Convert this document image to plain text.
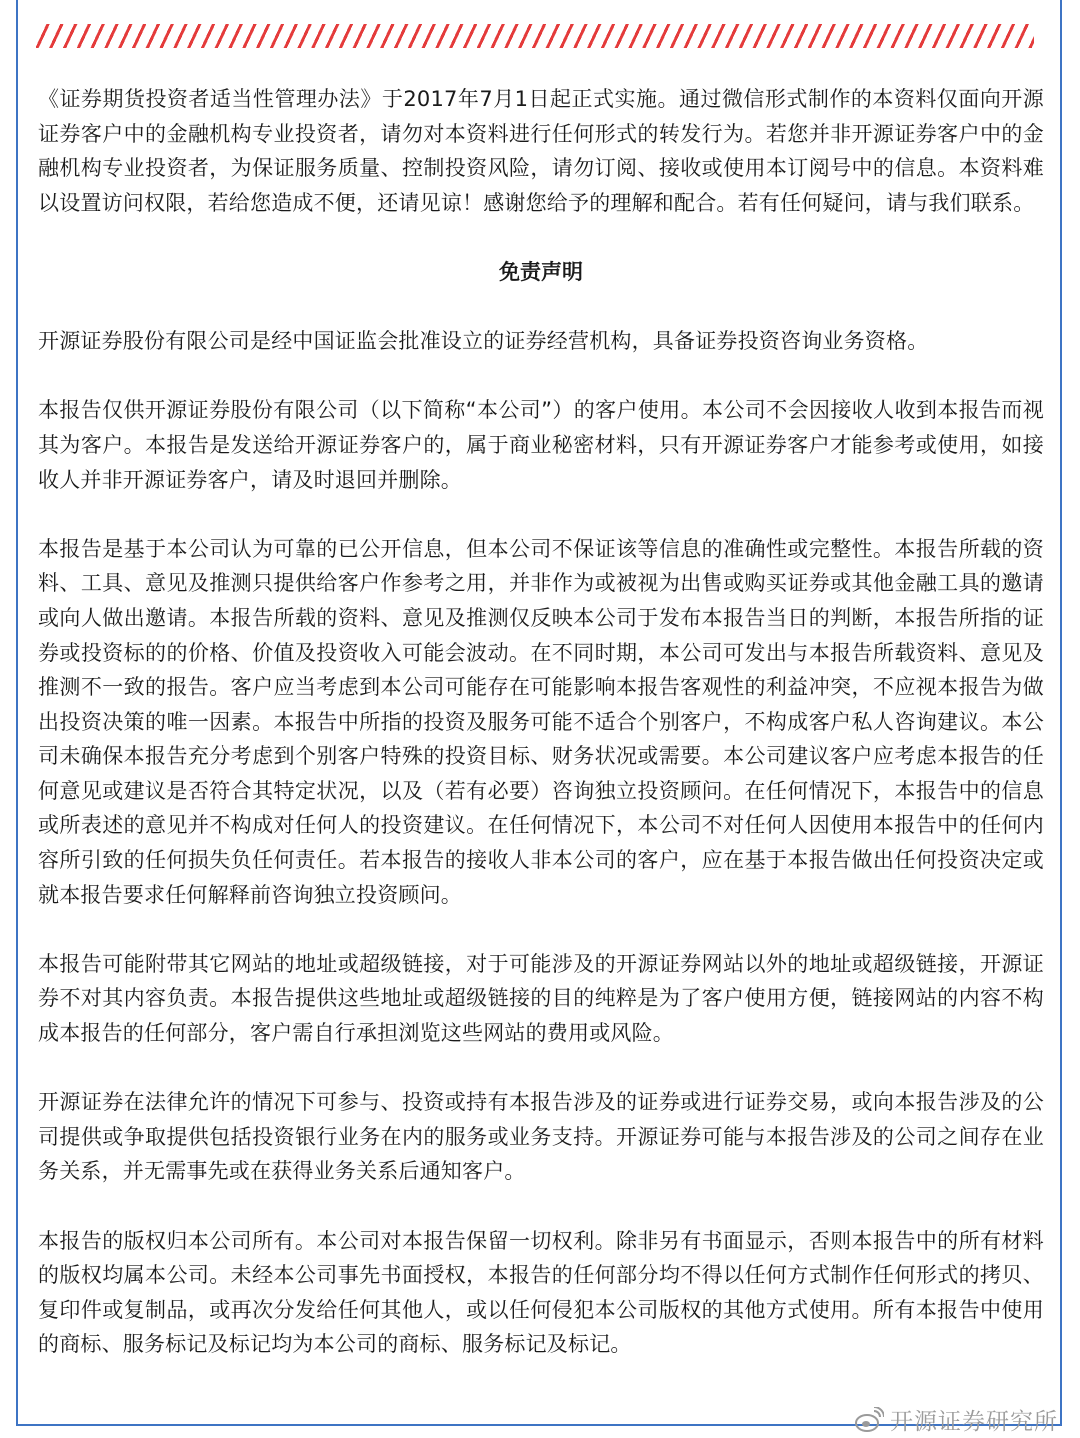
《证券期货投资者适当性管理办法》于2017年7月1日起正式实施。通过微信形式制作的本资料仅面向开源证券客户中的金融机构专业投资者，请勿对本资料进行任何形式的转发行为。若您并非开源证券客户中的金融机构专业投资者，为保证服务质量、控制投资风险，请勿订阅、接收或使用本订阅号中的信息。本资料难以设置访问权限，若给您造成不便，还请见谅！感谢您给予的理解和配合。若有任何疑问，请与我们联系。

免责声明

开源证券股份有限公司是经中国证监会批准设立的证券经营机构，具备证券投资咨询业务资格。

本报告仅供开源证券股份有限公司（以下简称“本公司”）的客户使用。本公司不会因接收人收到本报告而视其为客户。本报告是发送给开源证券客户的，属于商业秘密材料，只有开源证券客户才能参考或使用，如接收人并非开源证券客户，请及时退回并删除。

本报告是基于本公司认为可靠的已公开信息，但本公司不保证该等信息的准确性或完整性。本报告所载的资料、工具、意见及推测只提供给客户作参考之用，并非作为或被视为出售或购买证券或其他金融工具的邀请或向人做出邀请。本报告所载的资料、意见及推测仅反映本公司于发布本报告当日的判断，本报告所指的证券或投资标的的价格、价值及投资收入可能会波动。在不同时期，本公司可发出与本报告所载资料、意见及推测不一致的报告。客户应当考虑到本公司可能存在可能影响本报告客观性的利益冲突，不应视本报告为做出投资决策的唯一因素。本报告中所指的投资及服务可能不适合个别客户，不构成客户私人咨询建议。本公司未确保本报告充分考虑到个别客户特殊的投资目标、财务状况或需要。本公司建议客户应考虑本报告的任何意见或建议是否符合其特定状况，以及（若有必要）咨询独立投资顾问。在任何情况下，本报告中的信息或所表述的意见并不构成对任何人的投资建议。在任何情况下，本公司不对任何人因使用本报告中的任何内容所引致的任何损失负任何责任。若本报告的接收人非本公司的客户，应在基于本报告做出任何投资决定或就本报告要求任何解释前咨询独立投资顾问。

本报告可能附带其它网站的地址或超级链接，对于可能涉及的开源证券网站以外的地址或超级链接，开源证券不对其内容负责。本报告提供这些地址或超级链接的目的纯粹是为了客户使用方便，链接网站的内容不构成本报告的任何部分，客户需自行承担浏览这些网站的费用或风险。

开源证券在法律允许的情况下可参与、投资或持有本报告涉及的证券或进行证券交易，或向本报告涉及的公司提供或争取提供包括投资银行业务在内的服务或业务支持。开源证券可能与本报告涉及的公司之间存在业务关系，并无需事先或在获得业务关系后通知客户。

本报告的版权归本公司所有。本公司对本报告保留一切权利。除非另有书面显示，否则本报告中的所有材料的版权均属本公司。未经本公司事先书面授权，本报告的任何部分均不得以任何方式制作任何形式的拷贝、复印件或复制品，或再次分发给任何其他人，或以任何侵犯本公司版权的其他方式使用。所有本报告中使用的商标、服务标记及标记均为本公司的商标、服务标记及标记。

开源证券研究所
